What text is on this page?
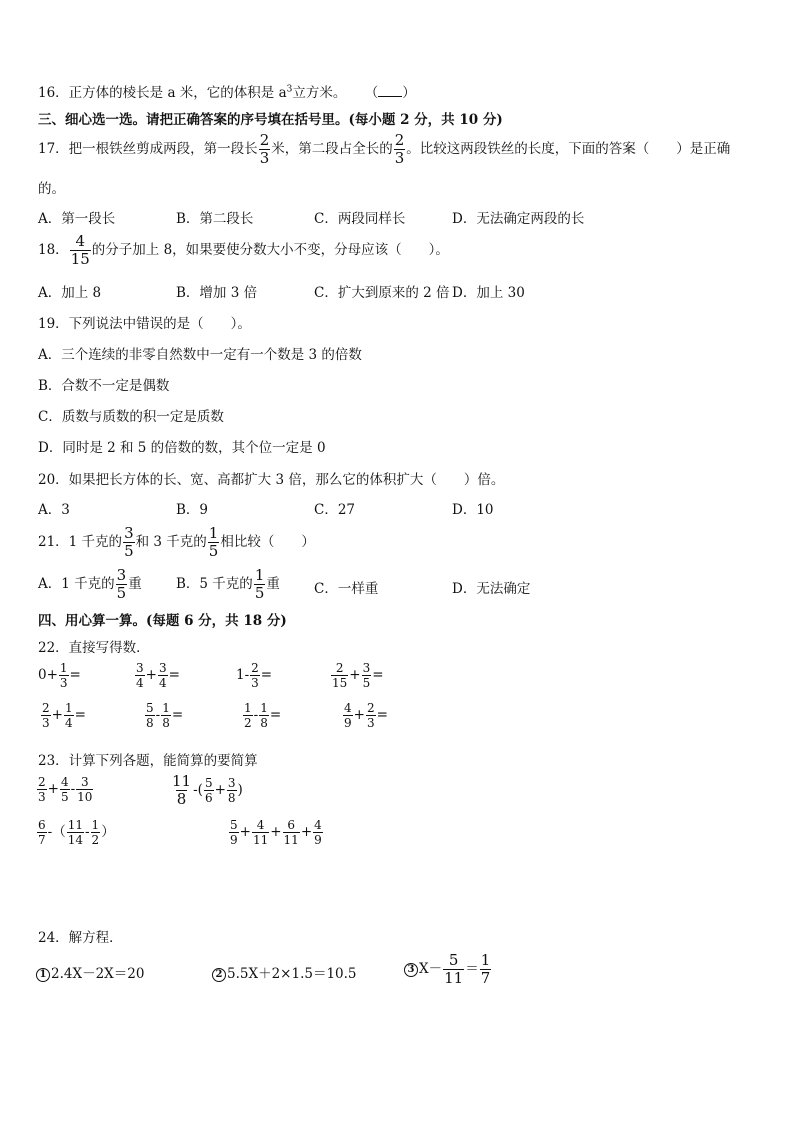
16．正方体的棱长是 a 米，它的体积是 $a^3$立方米。 （ ）
三、细心选一选。请把正确答案的序号填在括号里。(每小题 2 分，共 10 分)
17．把一根铁丝剪成两段，第一段长 $\frac{2}{3}$ 米，第二段占全长的 $\frac{2}{3}$ 。比较这两段铁丝的长度，下面的答案（　　）是正确
的。
A．第一段长	B．第二段长	C．两段同样长	D．无法确定两段的长
18． $\frac{4}{15}$ 的分子加上 8，如果要使分数大小不变，分母应该（　　）。
A．加上 8	B．增加 3 倍	C．扩大到原来的 2 倍 D．加上 30
19．下列说法中错误的是（　　）。
A．三个连续的非零自然数中一定有一个数是 3 的倍数
B．合数不一定是偶数
C．质数与质数的积一定是质数
D．同时是 2 和 5 的倍数的数，其个位一定是 0
20．如果把长方体的长、宽、高都扩大 3 倍，那么它的体积扩大（　　）倍。
A．3	B．9	C．27	D．10
21．1 千克的 $\frac{3}{5}$ 和 3 千克的 $\frac{1}{5}$ 相比较（　　）
A．1 千克的 $\frac{3}{5}$ 重	B．5 千克的 $\frac{1}{5}$ 重	C．一样重	D．无法确定
四、用心算一算。(每题 6 分，共 18 分)
22．直接写得数．
$0+ \frac{1}{3}$ =	$\frac{3}{4} + \frac{3}{4}$ =	$1- \frac{2}{3}$ =	$\frac{2}{15} + \frac{3}{5}$ =
$\frac{2}{3} + \frac{1}{4}$ =	$\frac{5}{8} - \frac{1}{8}$ =	$\frac{1}{2} - \frac{1}{8}$ =	$\frac{4}{9} + \frac{2}{3}$ =
23．计算下列各题，能简算的要简算
$\frac{2}{3} + \frac{4}{5} - \frac{3}{10}$	$\frac{11}{8}$ -( $\frac{5}{6} + \frac{3}{8}$ )
$\frac{6}{7}$ -（ $\frac{11}{14} - \frac{1}{2}$ ）	$\frac{5}{9} + \frac{4}{11} + \frac{6}{11} + \frac{4}{9}$
24．解方程．
1 2.4X－2X＝20	2 5.5X＋2×1.5＝10.5	3 $X- \frac{5}{11} = \frac{1}{7}$
